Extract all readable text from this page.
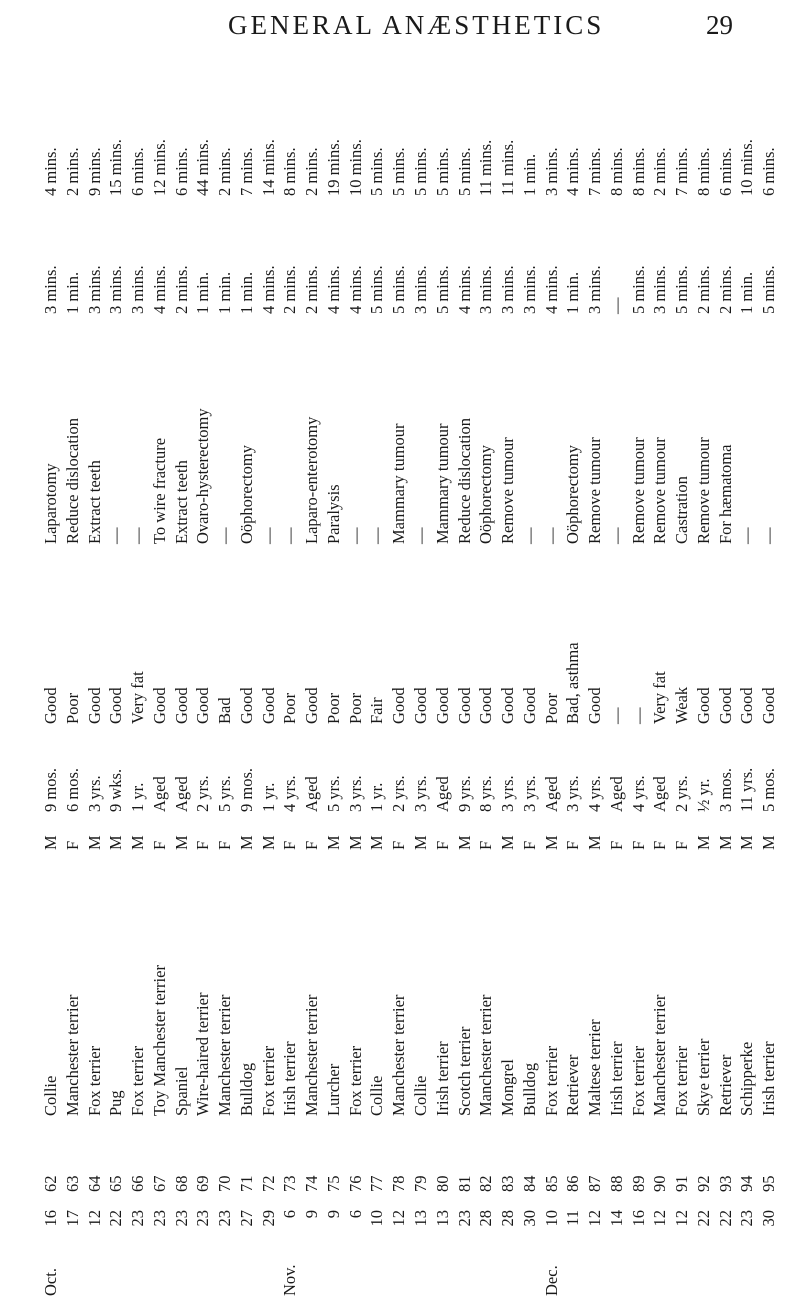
GENERAL ANÆSTHETICS	29
Oct.
16
62
Collie
M
9 mos.
Good
Laparotomy
3 mins.
4 mins.
17
63
Manchester terrier
F
6 mos.
Poor
Reduce dislocation
1 min.
2 mins.
12
64
Fox terrier
M
3 yrs.
Good
Extract teeth
3 mins.
9 mins.
22
65
Pug
M
9 wks.
Good
—
3 mins.
15 mins.
23
66
Fox terrier
M
1 yr.
Very fat
—
3 mins.
6 mins.
23
67
Toy Manchester terrier
F
Aged
Good
To wire fracture
4 mins.
12 mins.
23
68
Spaniel
M
Aged
Good
Extract teeth
2 mins.
6 mins.
23
69
Wire-haired terrier
F
2 yrs.
Good
Ovaro-hysterectomy
1 min.
44 mins.
23
70
Manchester terrier
F
5 yrs.
Bad
—
1 min.
2 mins.
27
71
Bulldog
M
9 mos.
Good
Oöphorectomy
1 min.
7 mins.
29
72
Fox terrier
M
1 yr.
Good
—
4 mins.
14 mins.
Nov.
6
73
Irish terrier
F
4 yrs.
Poor
—
2 mins.
8 mins.
9
74
Manchester terrier
F
Aged
Good
Laparo-enterotomy
2 mins.
2 mins.
9
75
Lurcher
M
5 yrs.
Poor
Paralysis
4 mins.
19 mins.
6
76
Fox terrier
M
3 yrs.
Poor
—
4 mins.
10 mins.
10
77
Collie
M
1 yr.
Fair
—
5 mins.
5 mins.
12
78
Manchester terrier
F
2 yrs.
Good
Mammary tumour
5 mins.
5 mins.
13
79
Collie
M
3 yrs.
Good
—
3 mins.
5 mins.
13
80
Irish terrier
F
Aged
Good
Mammary tumour
5 mins.
5 mins.
23
81
Scotch terrier
M
9 yrs.
Good
Reduce dislocation
4 mins.
5 mins.
28
82
Manchester terrier
F
8 yrs.
Good
Oöphorectomy
3 mins.
11 mins.
28
83
Mongrel
M
3 yrs.
Good
Remove tumour
3 mins.
11 mins.
30
84
Bulldog
F
3 yrs.
Good
—
3 mins.
1 min.
Dec.
10
85
Fox terrier
M
Aged
Poor
—
4 mins.
3 mins.
11
86
Retriever
F
3 yrs.
Bad, asthma
Oöphorectomy
1 min.
4 mins.
12
87
Maltese terrier
M
4 yrs.
Good
Remove tumour
3 mins.
7 mins.
14
88
Irish terrier
F
Aged
—
—
—
8 mins.
16
89
Fox terrier
F
4 yrs.
—
Remove tumour
5 mins.
8 mins.
12
90
Manchester terrier
F
Aged
Very fat
Remove tumour
3 mins.
2 mins.
12
91
Fox terrier
F
2 yrs.
Weak
Castration
5 mins.
7 mins.
22
92
Skye terrier
M
½ yr.
Good
Remove tumour
2 mins.
8 mins.
22
93
Retriever
M
3 mos.
Good
For hæmatoma
2 mins.
6 mins.
23
94
Schipperke
M
11 yrs.
Good
—
1 min.
10 mins.
30
95
Irish terrier
M
5 mos.
Good
—
5 mins.
6 mins.
